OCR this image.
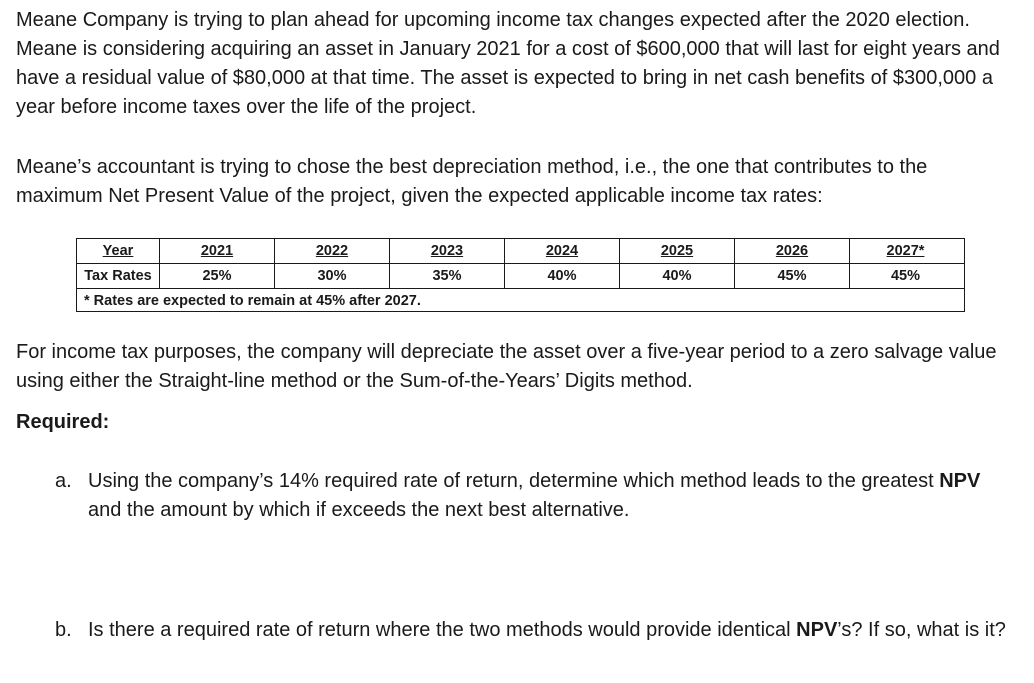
Meane Company is trying to plan ahead for upcoming income tax changes expected after the 2020 election. Meane is considering acquiring an asset in January 2021 for a cost of $600,000 that will last for eight years and have a residual value of $80,000 at that time. The asset is expected to bring in net cash benefits of $300,000 a year before income taxes over the life of the project.

Meane’s accountant is trying to chose the best depreciation method, i.e., the one that contributes to the maximum Net Present Value of the project, given the expected applicable income tax rates:

Year	2021	2022	2023	2024	2025	2026	2027*
Tax Rates	25%	30%	35%	40%	40%	45%	45%
* Rates are expected to remain at 45% after 2027.

For income tax purposes, the company will depreciate the asset over a five-year period to a zero salvage value using either the Straight-line method or the Sum-of-the-Years’ Digits method.

Required:
a. Using the company’s 14% required rate of return, determine which method leads to the greatest NPV and the amount by which if exceeds the next best alternative.
b. Is there a required rate of return where the two methods would provide identical NPV’s? If so, what is it?
